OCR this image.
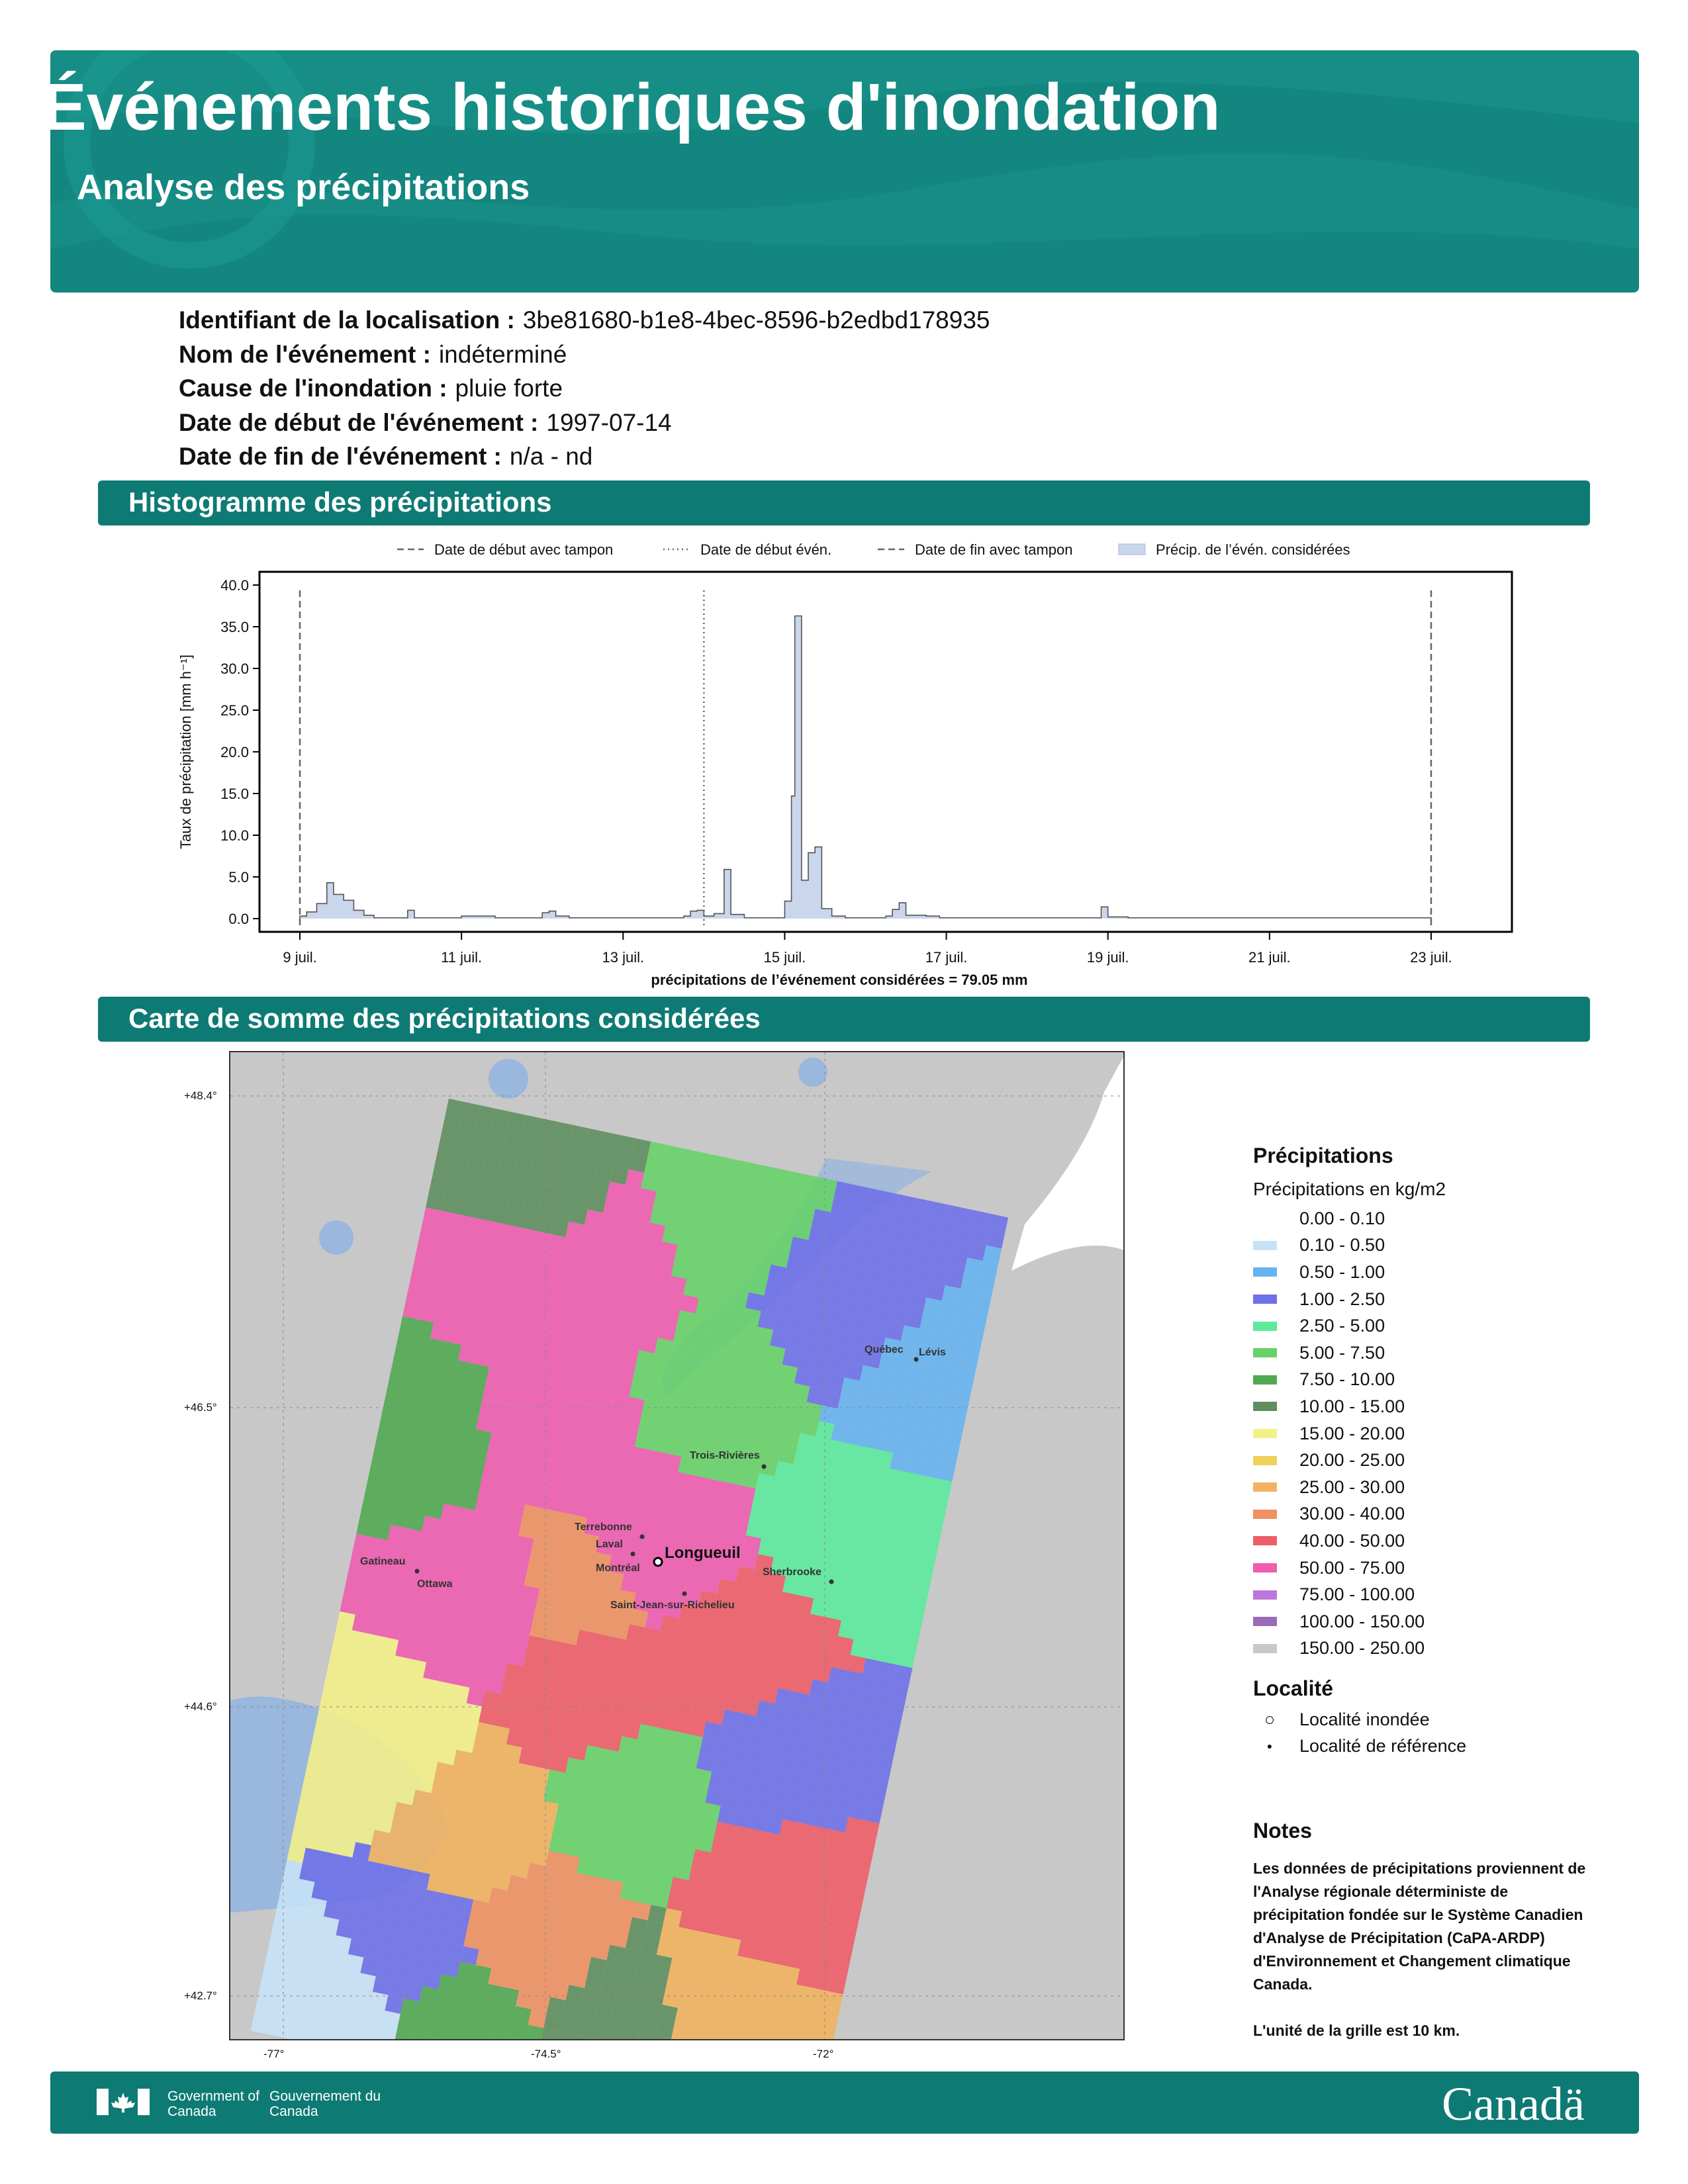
Événements historiques d'inondation
Analyse des précipitations
Identifiant de la localisation : 3be81680-b1e8-4bec-8596-b2edbd178935
Nom de l'événement : indéterminé
Cause de l'inondation : pluie forte
Date de début de l'événement : 1997-07-14
Date de fin de l'événement : n/a - nd
Histogramme des précipitations
Date de début avec tampon	Date de début évén.	Date de fin avec tampon	Précip. de l’évén. considérées
0.0
5.0
10.0
15.0
20.0
25.0
30.0
35.0
40.0
9 juil.	11 juil.	13 juil.	15 juil.	17 juil.	19 juil.	21 juil.	23 juil.
Taux de précipitation [mm h⁻¹]
précipitations de l’événement considérées = 79.05 mm
Carte de somme des précipitations considérées
Québec Lévis
Trois-Rivières
Terrebonne
Laval	Longueuil
Montréal
Gatineau
Ottawa
Sherbrooke
Saint-Jean-sur-Richelieu
+48.4°
+46.5°
+44.6°
+42.7°
-77°	-74.5°	-72°
Précipitations
Précipitations en kg/m2
0.00 - 0.10
0.10 - 0.50
0.50 - 1.00
1.00 - 2.50
2.50 - 5.00
5.00 - 7.50
7.50 - 10.00
10.00 - 15.00
15.00 - 20.00
20.00 - 25.00
25.00 - 30.00
30.00 - 40.00
40.00 - 50.00
50.00 - 75.00
75.00 - 100.00
100.00 - 150.00
150.00 - 250.00
Localité
○	Localité inondée
●	Localité de référence
Notes
Les données de précipitations proviennent de l'Analyse régionale déterministe de précipitation fondée sur le Système Canadien d'Analyse de Précipitation (CaPA-ARDP) d'Environnement et Changement climatique Canada.
L'unité de la grille est 10 km.
Government of Canada
Gouvernement du Canada	Canadä
